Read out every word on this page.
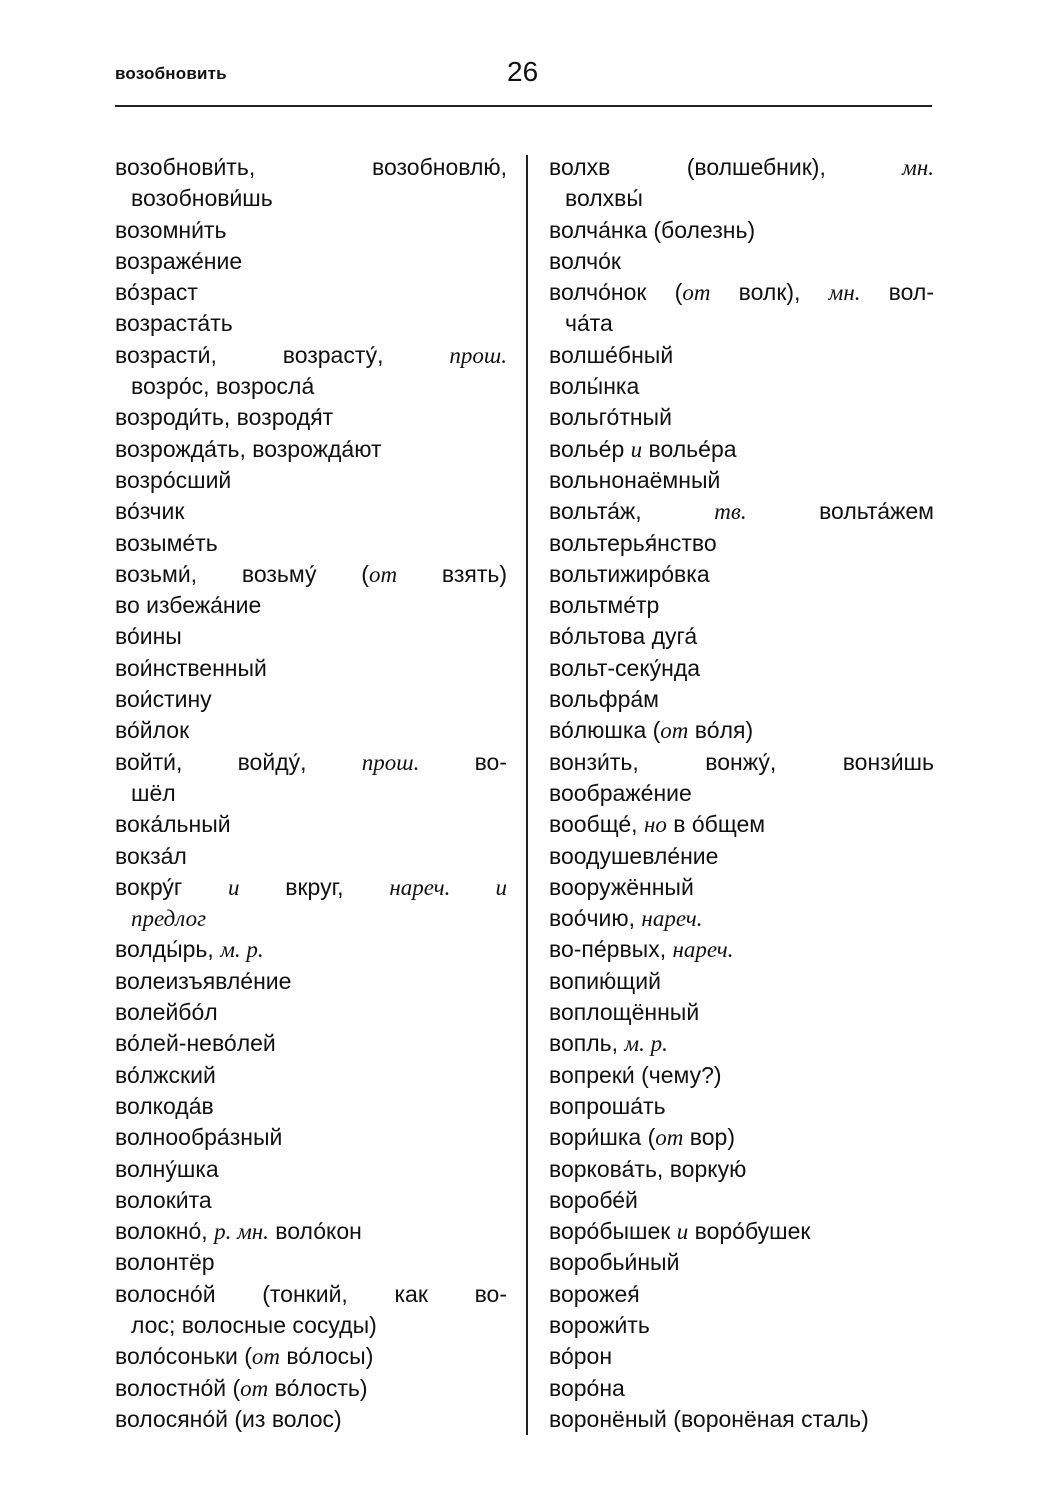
возобновить	26
возобнови́ть, возобновлю́,
возобнови́шь
возомни́ть
возраже́ние
во́зраст
возраста́ть
возрасти́, возрасту́, прош.
возро́с, возросла́
возроди́ть, возродя́т
возрожда́ть, возрожда́ют
возро́сший
во́зчик
возыме́ть
возьми́, возьму́ (от взять)
во избежа́ние
во́ины
вои́нственный
вои́стину
во́йлок
войти́, войду́, прош. во-
шёл
вока́льный
вокза́л
вокру́г и вкруг, нареч. и
предлог
волды́рь, м. р.
волеизъявле́ние
волейбо́л
во́лей-нево́лей
во́лжский
волкода́в
волнообра́зный
волну́шка
волоки́та
волокно́, р. мн. воло́кон
волонтёр
волосно́й (тонкий, как во-
лос; волосные сосуды)
воло́соньки (от во́лосы)
волостно́й (от во́лость)
волосяно́й (из волос)
волхв (волшебник), мн.
волхвы́
волча́нка (болезнь)
волчо́к
волчо́нок (от волк), мн. вол-
ча́та
волше́бный
волы́нка
вольго́тный
волье́р и волье́ра
вольнонаёмный
вольта́ж, тв. вольта́жем
вольтерья́нство
вольтижиро́вка
вольтме́тр
во́льтова дуга́
вольт-секу́нда
вольфра́м
во́люшка (от во́ля)
вонзи́ть, вонжу́, вонзи́шь
воображе́ние
вообще́, но в о́бщем
воодушевле́ние
вооружённый
воо́чию, нареч.
во-пе́рвых, нареч.
вопию́щий
воплощённый
вопль, м. р.
вопреки́ (чему?)
вопроша́ть
вори́шка (от вор)
воркова́ть, воркую́
воробе́й
воро́бышек и воро́бушек
воробьи́ный
ворожея́
ворожи́ть
во́рон
воро́на
воронёный (воронёная сталь)
